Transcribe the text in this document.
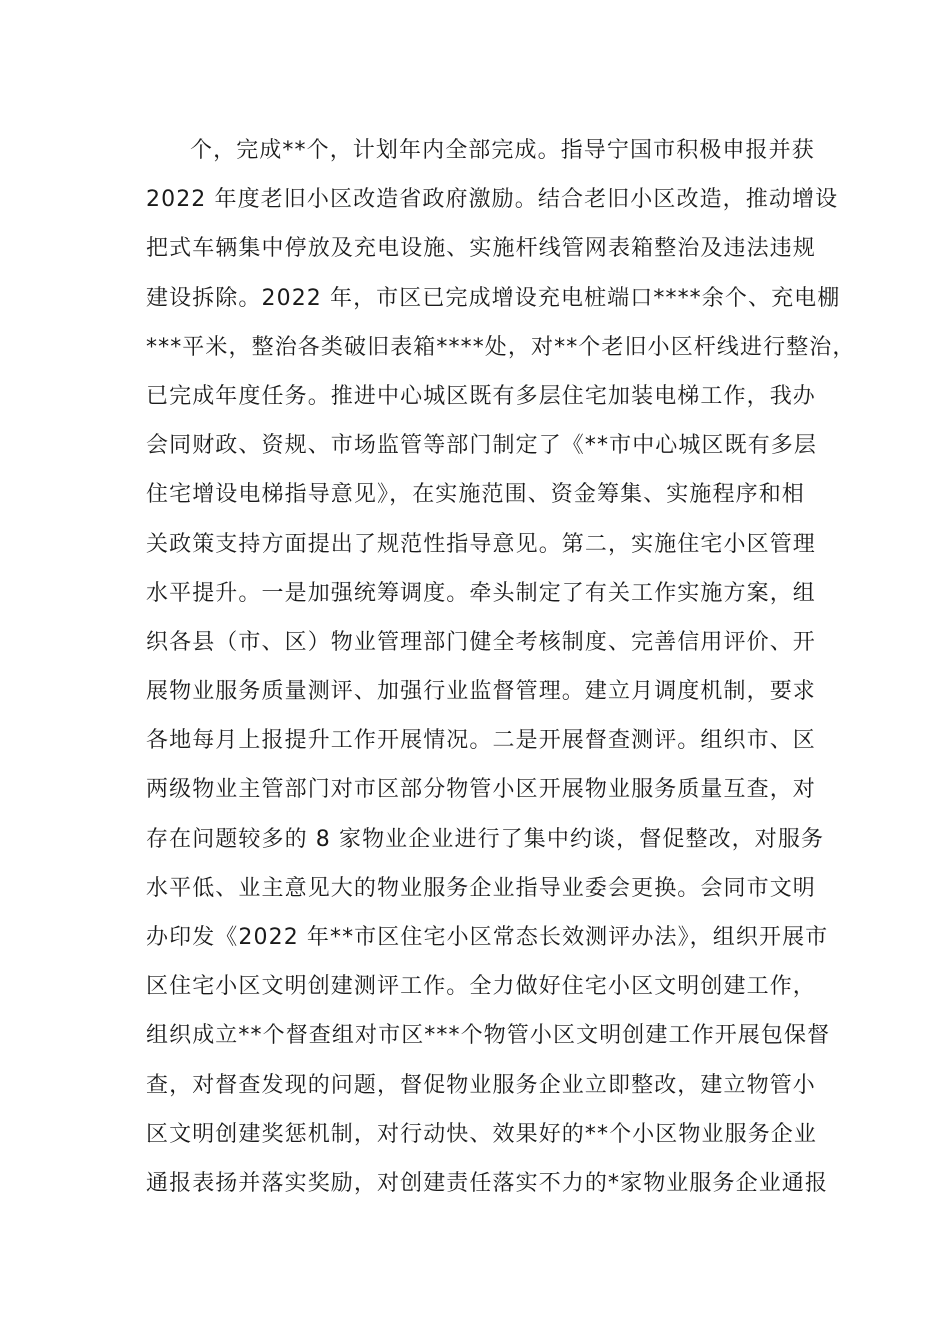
个，完成**个，计划年内全部完成。指导宁国市积极申报并获
2022 年度老旧小区改造省政府激励。结合老旧小区改造，推动增设
把式车辆集中停放及充电设施、实施杆线管网表箱整治及违法违规
建设拆除。2022 年，市区已完成增设充电桩端口****余个、充电棚
***平米，整治各类破旧表箱****处，对**个老旧小区杆线进行整治，
已完成年度任务。推进中心城区既有多层住宅加装电梯工作，我办
会同财政、资规、市场监管等部门制定了《**市中心城区既有多层
住宅增设电梯指导意见》，在实施范围、资金筹集、实施程序和相
关政策支持方面提出了规范性指导意见。第二，实施住宅小区管理
水平提升。一是加强统筹调度。牵头制定了有关工作实施方案，组
织各县（市、区）物业管理部门健全考核制度、完善信用评价、开
展物业服务质量测评、加强行业监督管理。建立月调度机制，要求
各地每月上报提升工作开展情况。二是开展督查测评。组织市、区
两级物业主管部门对市区部分物管小区开展物业服务质量互查，对
存在问题较多的 8 家物业企业进行了集中约谈，督促整改，对服务
水平低、业主意见大的物业服务企业指导业委会更换。会同市文明
办印发《2022 年**市区住宅小区常态长效测评办法》，组织开展市
区住宅小区文明创建测评工作。全力做好住宅小区文明创建工作，
组织成立**个督查组对市区***个物管小区文明创建工作开展包保督
查，对督查发现的问题，督促物业服务企业立即整改，建立物管小
区文明创建奖惩机制，对行动快、效果好的**个小区物业服务企业
通报表扬并落实奖励，对创建责任落实不力的*家物业服务企业通报
